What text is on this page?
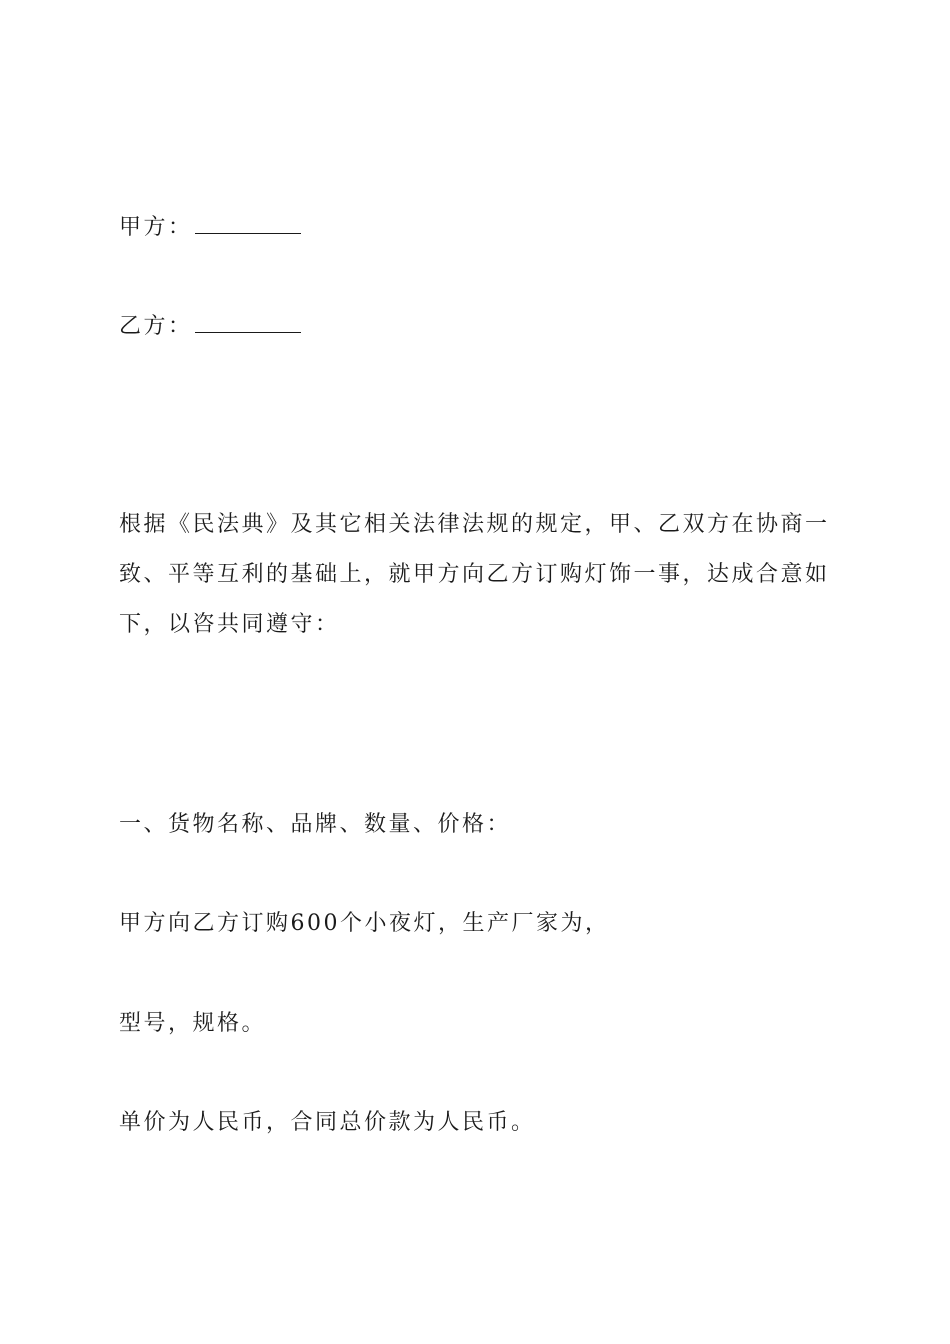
甲方：
乙方：
根据《民法典》及其它相关法律法规的规定，甲、乙双方在协商一
致、平等互利的基础上，就甲方向乙方订购灯饰一事，达成合意如
下，以咨共同遵守：
一、货物名称、品牌、数量、价格：
甲方向乙方订购600个小夜灯，生产厂家为，
型号，规格。
单价为人民币，合同总价款为人民币。
